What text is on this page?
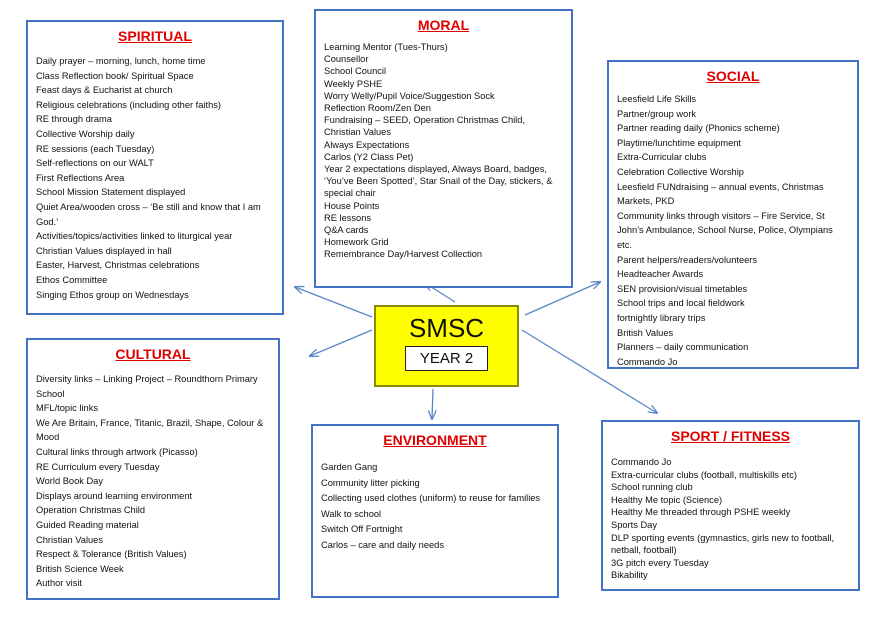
SPIRITUAL
Daily prayer – morning, lunch, home time
Class Reflection book/ Spiritual Space
Feast days & Eucharist at church
Religious celebrations (including other faiths)
RE through drama
Collective Worship daily
RE sessions (each Tuesday)
Self-reflections on our WALT
First Reflections Area
School Mission Statement displayed
Quiet Area/wooden cross – ‘Be still and know that I am God.’
Activities/topics/activities linked to liturgical year
Christian Values displayed in hall
Easter, Harvest, Christmas celebrations
Ethos Committee
Singing Ethos group on Wednesdays
MORAL
Learning Mentor (Tues-Thurs)
Counsellor
School Council
Weekly PSHE
Worry Welly/Pupil Voice/Suggestion Sock
Reflection Room/Zen Den
Fundraising – SEED, Operation Christmas Child, Christian Values
Always Expectations
Carlos (Y2 Class Pet)
Year 2 expectations displayed, Always Board, badges, ‘You’ve Been Spotted’, Star Snail of the Day, stickers, & special chair
House Points
RE lessons
Q&A cards
Homework Grid
Remembrance Day/Harvest Collection
SOCIAL
Leesfield Life Skills
Partner/group work
Partner reading daily (Phonics scheme)
Playtime/lunchtime equipment
Extra-Curricular clubs
Celebration Collective Worship
Leesfield FUNdraising – annual events, Christmas Markets, PKD
Community links through visitors – Fire Service, St John’s Ambulance, School Nurse, Police, Olympians etc.
Parent helpers/readers/volunteers
Headteacher Awards
SEN provision/visual timetables
School trips and local fieldwork
fortnightly library trips
British Values
Planners – daily communication
Commando Jo
CULTURAL
Diversity links – Linking Project – Roundthorn Primary School
MFL/topic links
We Are Britain, France, Titanic, Brazil, Shape, Colour & Mood
Cultural links through artwork (Picasso)
RE Curriculum every Tuesday
World Book Day
Displays around learning environment
Operation Christmas Child
Guided Reading material
Christian Values
Respect & Tolerance (British Values)
British Science Week
Author visit
ENVIRONMENT
Garden Gang
Community litter picking
Collecting used clothes (uniform) to reuse for families
Walk to school
Switch Off Fortnight
Carlos – care and daily needs
SPORT / FITNESS
Commando Jo
Extra-curricular clubs (football, multiskills etc)
School running club
Healthy Me topic (Science)
Healthy Me threaded through PSHE weekly
Sports Day
DLP sporting events (gymnastics, girls new to football, netball, football)
3G pitch every Tuesday
Bikability
SMSC
YEAR 2
